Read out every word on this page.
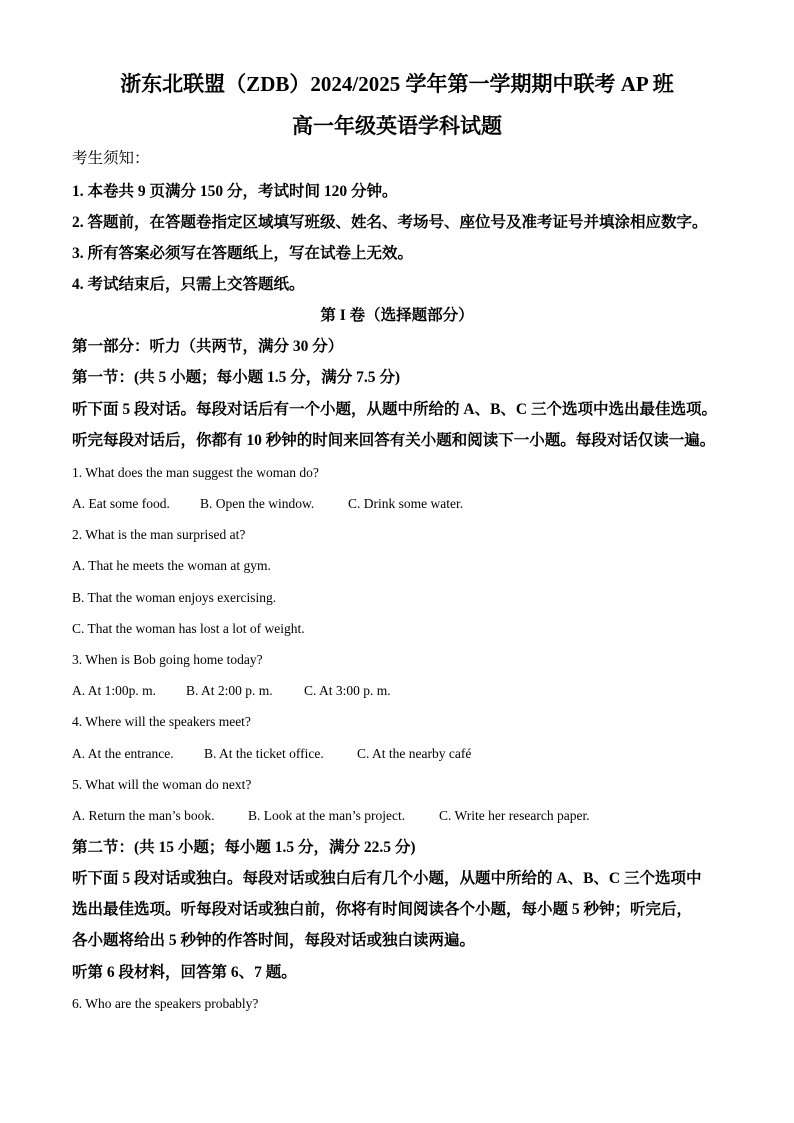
浙东北联盟（ZDB）2024/2025 学年第一学期期中联考 AP 班
高一年级英语学科试题
考生须知：
1. 本卷共 9 页满分 150 分，考试时间 120 分钟。
2. 答题前，在答题卷指定区域填写班级、姓名、考场号、座位号及准考证号并填涂相应数字。
3. 所有答案必须写在答题纸上，写在试卷上无效。
4. 考试结束后，只需上交答题纸。
第 I 卷（选择题部分）
第一部分：听力（共两节，满分 30 分）
第一节：(共 5 小题；每小题 1.5 分，满分 7.5 分)
听下面 5 段对话。每段对话后有一个小题，从题中所给的 A、B、C 三个选项中选出最佳选项。
听完每段对话后，你都有 10 秒钟的时间来回答有关小题和阅读下一小题。每段对话仅读一遍。
1. What does the man suggest the woman do?
A. Eat some food. B. Open the window.	C. Drink some water.
2. What is the man surprised at?
A. That he meets the woman at gym.
B. That the woman enjoys exercising.
C. That the woman has lost a lot of weight.
3. When is Bob going home today?
A. At 1:00p. m. B. At 2:00 p. m. C. At 3:00 p. m.
4. Where will the speakers meet?
A. At the entrance. B. At the ticket office. C. At the nearby café
5. What will the woman do next?
A. Return the man’s book. B. Look at the man’s project.	C. Write her research paper.
第二节：(共 15 小题；每小题 1.5 分，满分 22.5 分)
听下面 5 段对话或独白。每段对话或独白后有几个小题，从题中所给的 A、B、C 三个选项中
选出最佳选项。听每段对话或独白前，你将有时间阅读各个小题，每小题 5 秒钟；听完后，
各小题将给出 5 秒钟的作答时间，每段对话或独白读两遍。
听第 6 段材料，回答第 6、7 题。
6. Who are the speakers probably?
